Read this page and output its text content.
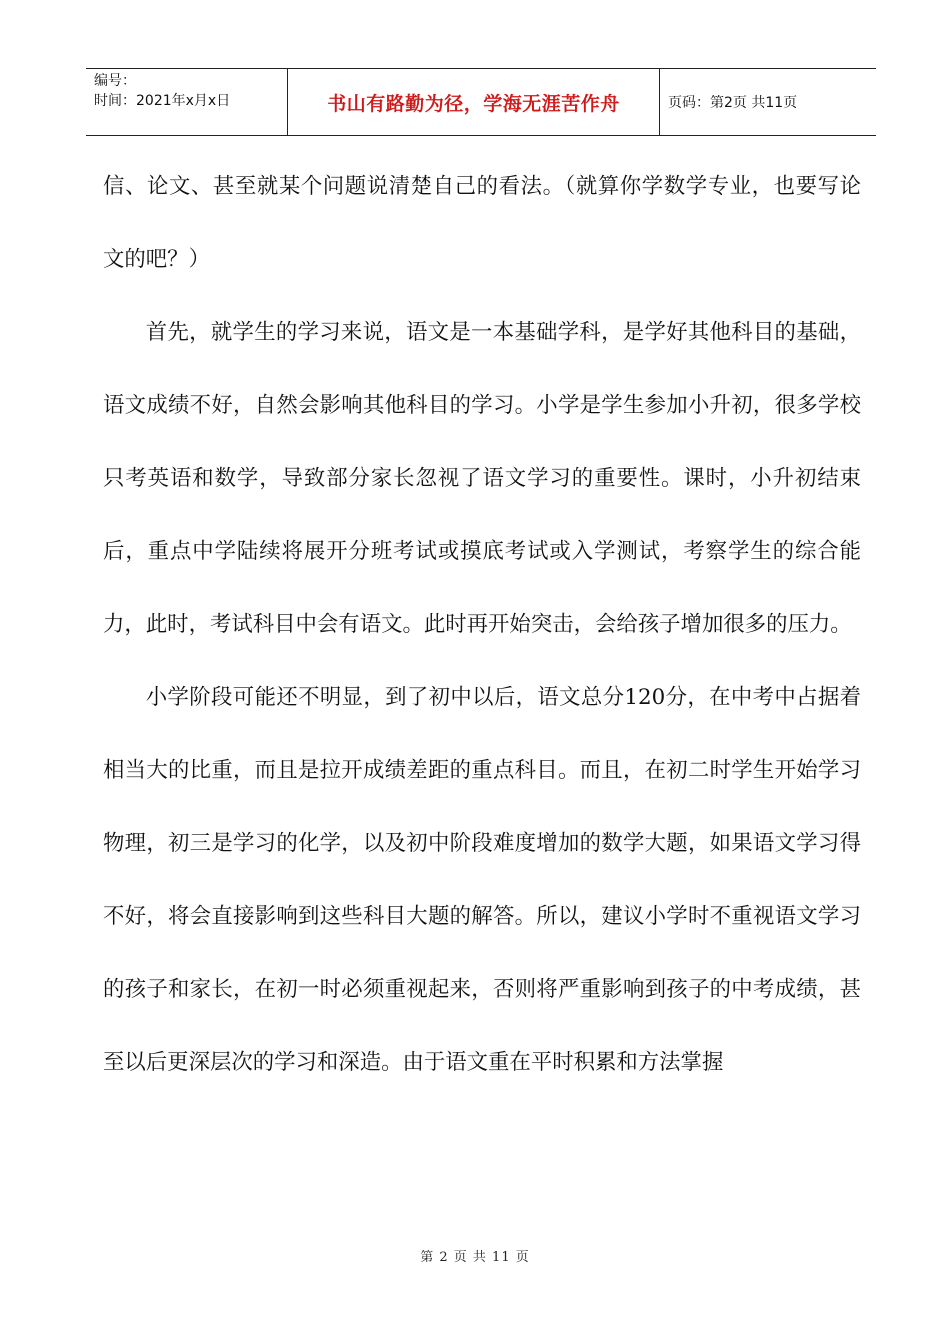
编号：
时间：2021年x月x日	书山有路勤为径，学海无涯苦作舟	页码：第2页 共11页

信、论文、甚至就某个问题说清楚自己的看法。（就算你学数学专业，也要写论文的吧？）

首先，就学生的学习来说，语文是一本基础学科，是学好其他科目的基础，语文成绩不好，自然会影响其他科目的学习。小学是学生参加小升初，很多学校只考英语和数学，导致部分家长忽视了语文学习的重要性。课时，小升初结束后，重点中学陆续将展开分班考试或摸底考试或入学测试，考察学生的综合能力，此时，考试科目中会有语文。此时再开始突击，会给孩子增加很多的压力。

小学阶段可能还不明显，到了初中以后，语文总分120分，在中考中占据着相当大的比重，而且是拉开成绩差距的重点科目。而且，在初二时学生开始学习物理，初三是学习的化学，以及初中阶段难度增加的数学大题，如果语文学习得不好，将会直接影响到这些科目大题的解答。所以，建议小学时不重视语文学习的孩子和家长，在初一时必须重视起来，否则将严重影响到孩子的中考成绩，甚至以后更深层次的学习和深造。由于语文重在平时积累和方法掌握

第 2 页 共 11 页
